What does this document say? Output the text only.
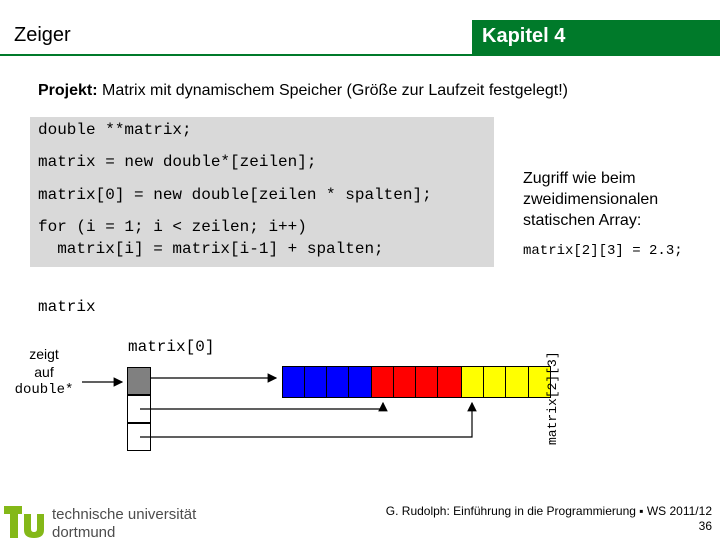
Zeiger	Kapitel 4
Projekt: Matrix mit dynamischem Speicher (Größe zur Laufzeit festgelegt!)
double **matrix;
matrix = new double*[zeilen];
matrix[0] = new double[zeilen * spalten];
for (i = 1; i < zeilen; i++)
matrix[i] = matrix[i-1] + spalten;
Zugriff wie beim zweidimensionalen statischen Array:
matrix[2][3] = 2.3;
matrix
zeigt
auf
double*
matrix[0]
matrix[2][3]
technische universität
dortmund
G. Rudolph: Einführung in die Programmierung ▪ WS 2011/12
36
